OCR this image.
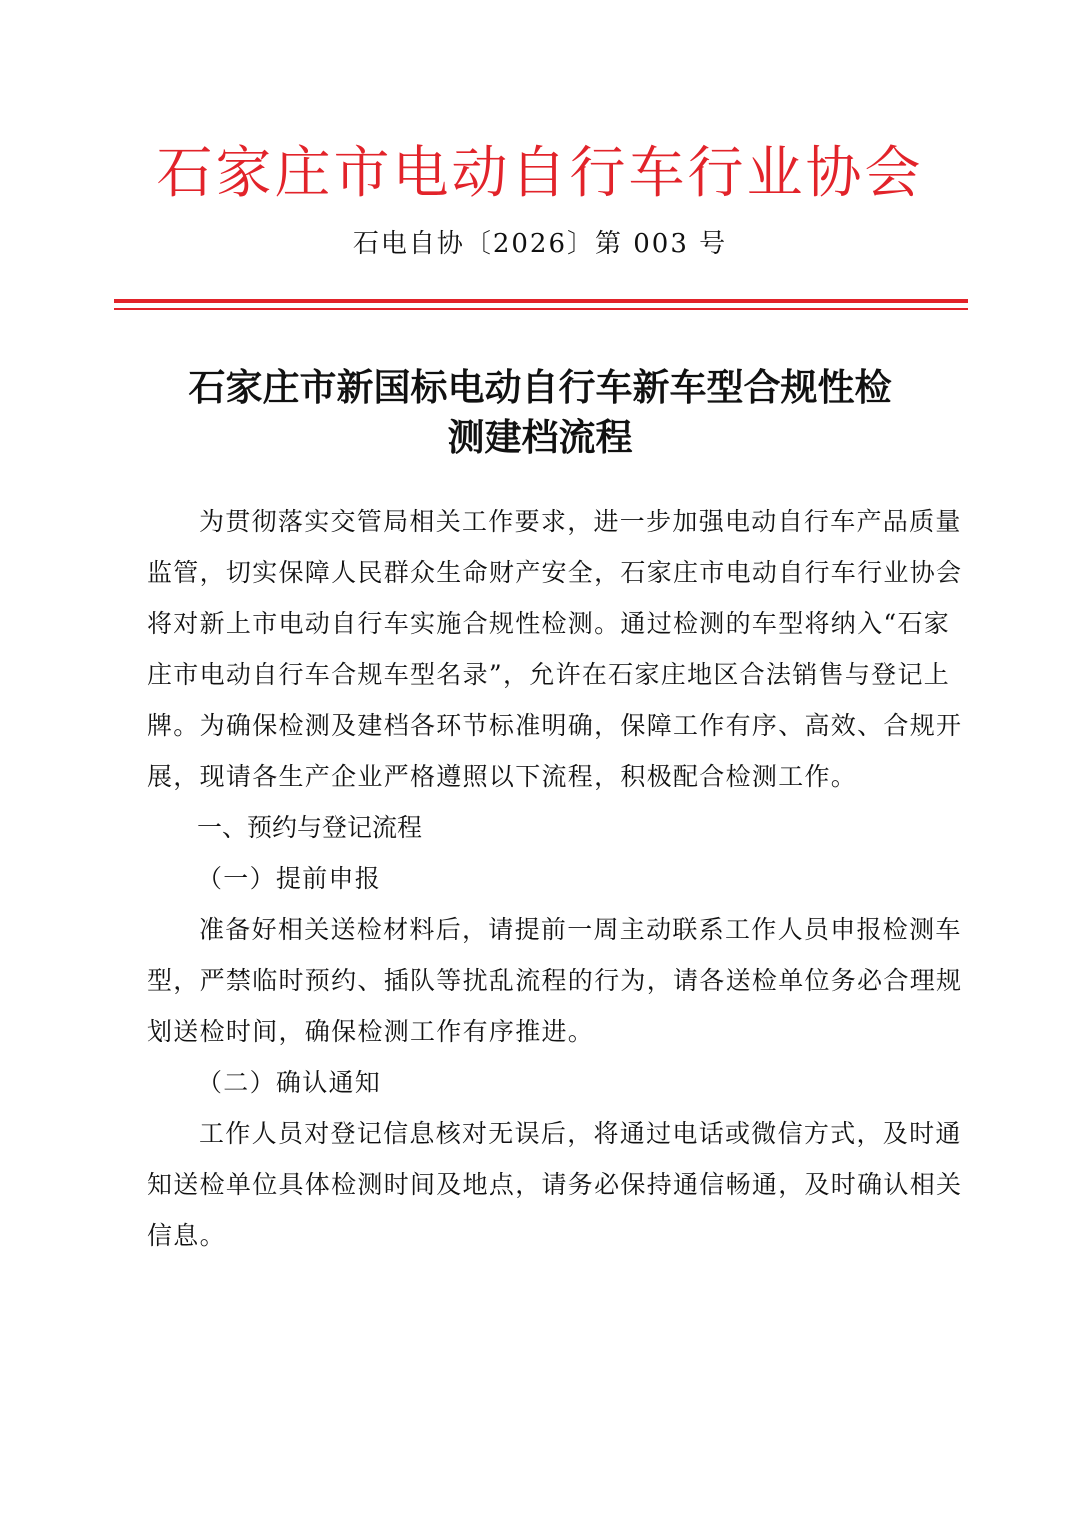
石家庄市电动自行车行业协会
石电自协〔2026〕第 003 号
石家庄市新国标电动自行车新车型合规性检
测建档流程
为贯彻落实交管局相关工作要求，进一步加强电动自行车产品质量
监管，切实保障人民群众生命财产安全，石家庄市电动自行车行业协会
将对新上市电动自行车实施合规性检测。通过检测的车型将纳入“石家
庄市电动自行车合规车型名录”，允许在石家庄地区合法销售与登记上
牌。为确保检测及建档各环节标准明确，保障工作有序、高效、合规开
展，现请各生产企业严格遵照以下流程，积极配合检测工作。
一、预约与登记流程
（一）提前申报
准备好相关送检材料后，请提前一周主动联系工作人员申报检测车
型，严禁临时预约、插队等扰乱流程的行为，请各送检单位务必合理规
划送检时间，确保检测工作有序推进。
（二）确认通知
工作人员对登记信息核对无误后，将通过电话或微信方式，及时通
知送检单位具体检测时间及地点，请务必保持通信畅通，及时确认相关
信息。
